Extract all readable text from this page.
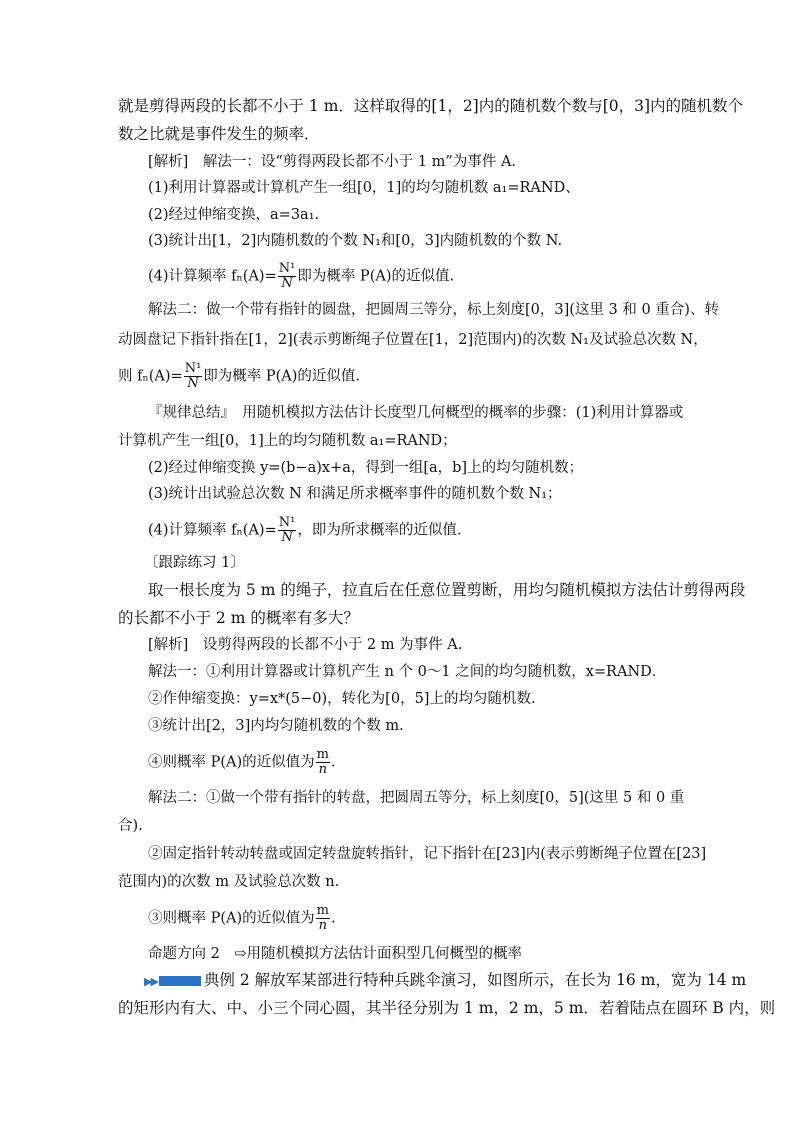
就是剪得两段的长都不小于 1 m．这样取得的[1，2]内的随机数个数与[0，3]内的随机数个
数之比就是事件发生的频率．
[解析]　解法一：设“剪得两段长都不小于 1 m”为事件 A.
(1)利用计算器或计算机产生一组[0，1]的均匀随机数 a₁=RAND、
(2)经过伸缩变换，a=3a₁.
(3)统计出[1，2]内随机数的个数 N₁和[0，3]内随机数的个数 N.
(4)计算频率 $f_n(A)= \frac{\text{N¹}}{N}$ 即为概率 P(A)的近似值.
解法二：做一个带有指针的圆盘，把圆周三等分，标上刻度[0，3](这里 3 和 0 重合)、转
动圆盘记下指针指在[1，2](表示剪断绳子位置在[1，2]范围内)的次数 N₁及试验总次数 N，
则 $f_n(A)= \frac{\text{N¹}}{N}$ 即为概率 P(A)的近似值.
『规律总结』　用随机模拟方法估计长度型几何概型的概率的步骤：(1)利用计算器或
计算机产生一组[0，1]上的均匀随机数 a₁=RAND；
(2)经过伸缩变换 y=(b−a)x+a，得到一组[a，b]上的均匀随机数；
(3)统计出试验总次数 N 和满足所求概率事件的随机数个数 N₁；
(4)计算频率 $f_n(A)= \frac{\text{N¹}}{N}$ ，即为所求概率的近似值.
〔跟踪练习 1〕
取一根长度为 5 m 的绳子，拉直后在任意位置剪断，用均匀随机模拟方法估计剪得两段
的长都不小于 2 m 的概率有多大？
[解析]　设剪得两段的长都不小于 2 m 为事件 A.
解法一：①利用计算器或计算机产生 n 个 0～1 之间的均匀随机数，x=RAND．
②作伸缩变换：y=x*(5−0)，转化为[0，5]上的均匀随机数.
③统计出[2，3]内均匀随机数的个数 m.
④则概率 P(A)的近似值为 $\frac{m}{n}$ .
解法二：①做一个带有指针的转盘，把圆周五等分，标上刻度[0，5](这里 5 和 0 重
合).
②固定指针转动转盘或固定转盘旋转指针，记下指针在[23]内(表示剪断绳子位置在[23]
范围内)的次数 m 及试验总次数 n.
③则概率 P(A)的近似值为 $\frac{m}{n}$ .
命题方向 2　⇨用随机模拟方法估计面积型几何概型的概率
▶▶	典例 2 解放军某部进行特种兵跳伞演习，如图所示，在长为 16 m，宽为 14 m
的矩形内有大、中、小三个同心圆，其半径分别为 1 m，2 m，5 m．若着陆点在圆环 B 内，则
